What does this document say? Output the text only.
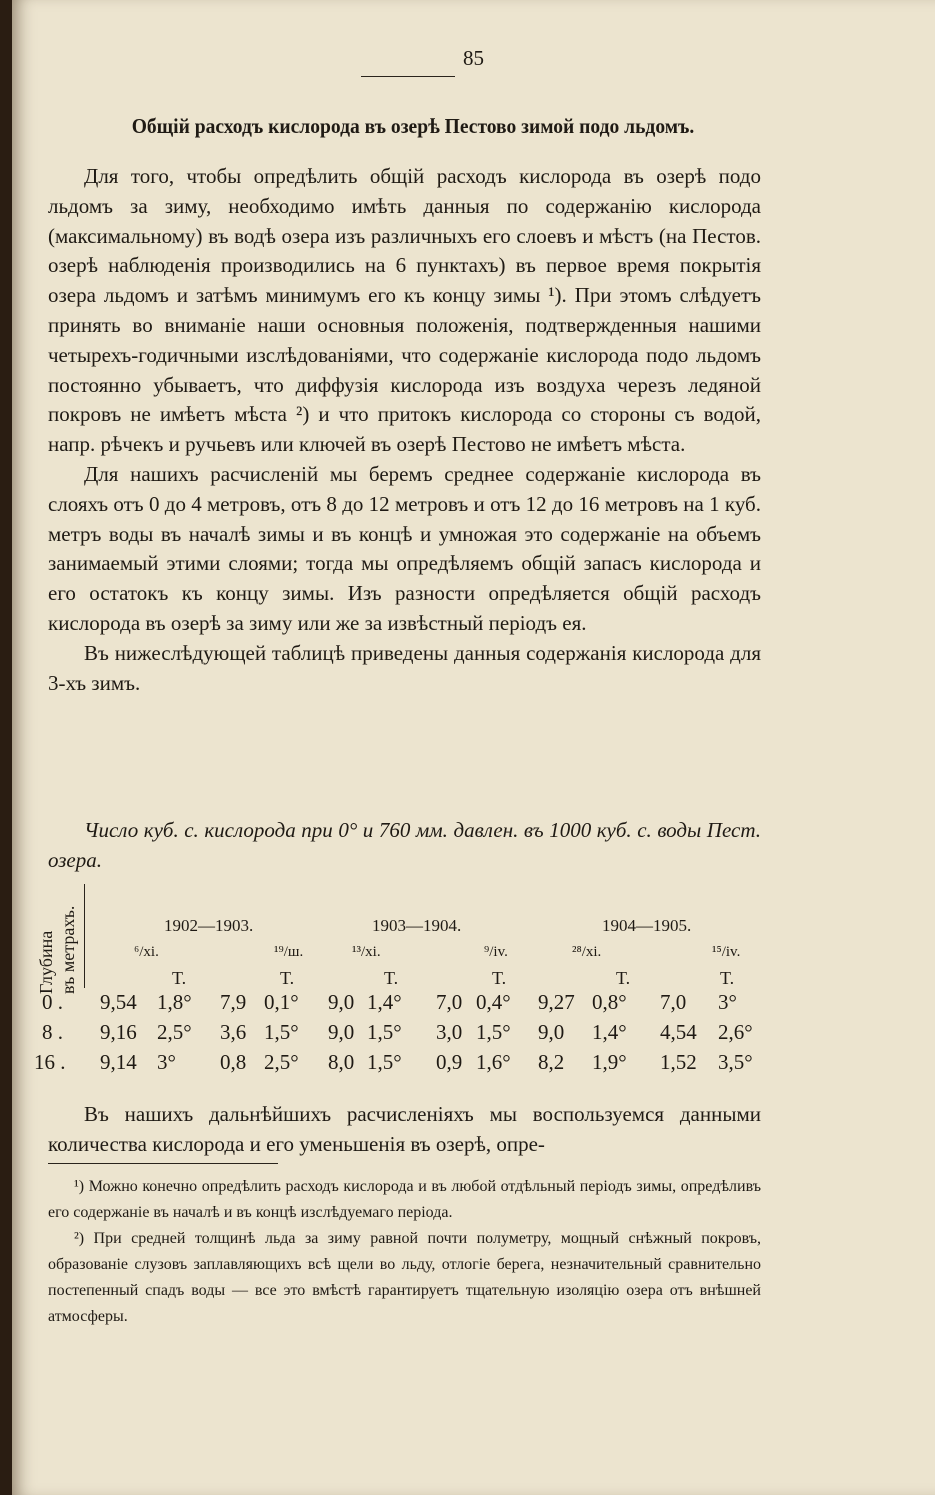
85
Общій расходъ кислорода въ озерѣ Пестово зимой подо льдомъ.

Для того, чтобы опредѣлить общій расходъ кислорода въ озерѣ подо льдомъ за зиму, необходимо имѣть данныя по содержанію кислорода (максимальному) въ водѣ озера изъ различныхъ его слоевъ и мѣстъ (на Пестов. озерѣ наблюденія производились на 6 пунктахъ) въ первое время покрытія озера льдомъ и затѣмъ минимумъ его къ концу зимы ¹). При этомъ слѣдуетъ принять во вниманіе наши основныя положенія, подтвержденныя нашими четырехъ-годичными изслѣдованіями, что содержаніе кислорода подо льдомъ постоянно убываетъ, что диффузія кислорода изъ воздуха черезъ ледяной покровъ не имѣетъ мѣста ²) и что притокъ кислорода со стороны съ водой, напр. рѣчекъ и ручьевъ или ключей въ озерѣ Пестово не имѣетъ мѣста.

Для нашихъ расчисленій мы беремъ среднее содержаніе кислорода въ слояхъ отъ 0 до 4 метровъ, отъ 8 до 12 метровъ и отъ 12 до 16 метровъ на 1 куб. метръ воды въ началѣ зимы и въ концѣ и умножая это содержаніе на объемъ занимаемый этими слоями; тогда мы опредѣляемъ общій запасъ кислорода и его остатокъ къ концу зимы. Изъ разности опредѣляется общій расходъ кислорода въ озерѣ за зиму или же за извѣстный періодъ ея.

Въ нижеслѣдующей таблицѣ приведены данныя содержанія кислорода для 3-хъ зимъ.

Число куб. с. кислорода при 0° и 760 мм. давлен. въ 1000 куб. с. воды Пест. озера.
Глубина въ метрахъ.	1902—1903.	1903—1904.	1904—1905.
⁶/xi.	¹⁹/ш.	¹³/xi.	⁹/iv.	²⁸/xi.	¹⁵/iv.
T.	T.	T.	T.	T.	T.
0 .	9,54 1,8° 7,9 0,1° 9,0 1,4° 7,0 0,4° 9,27 0,8° 7,0 3°
8 .	9,16 2,5° 3,6 1,5° 9,0 1,5° 3,0 1,5° 9,0 1,4° 4,54 2,6°
16 .	9,14 3° 0,8 2,5° 8,0 1,5° 0,9 1,6° 8,2 1,9° 1,52 3,5°

Въ нашихъ дальнѣйшихъ расчисленіяхъ мы воспользуемся данными количества кислорода и его уменьшенія въ озерѣ, опре-

¹) Можно конечно опредѣлить расходъ кислорода и въ любой отдѣльный періодъ зимы, опредѣливъ его содержаніе въ началѣ и въ концѣ изслѣдуемаго періода.

²) При средней толщинѣ льда за зиму равной почти полуметру, мощный снѣжный покровъ, образованіе слузовъ заплавляющихъ всѣ щели во льду, отлогіе берега, незначительный сравнительно постепенный спадъ воды — все это вмѣстѣ гарантируетъ тщательную изоляцію озера отъ внѣшней атмосферы.
